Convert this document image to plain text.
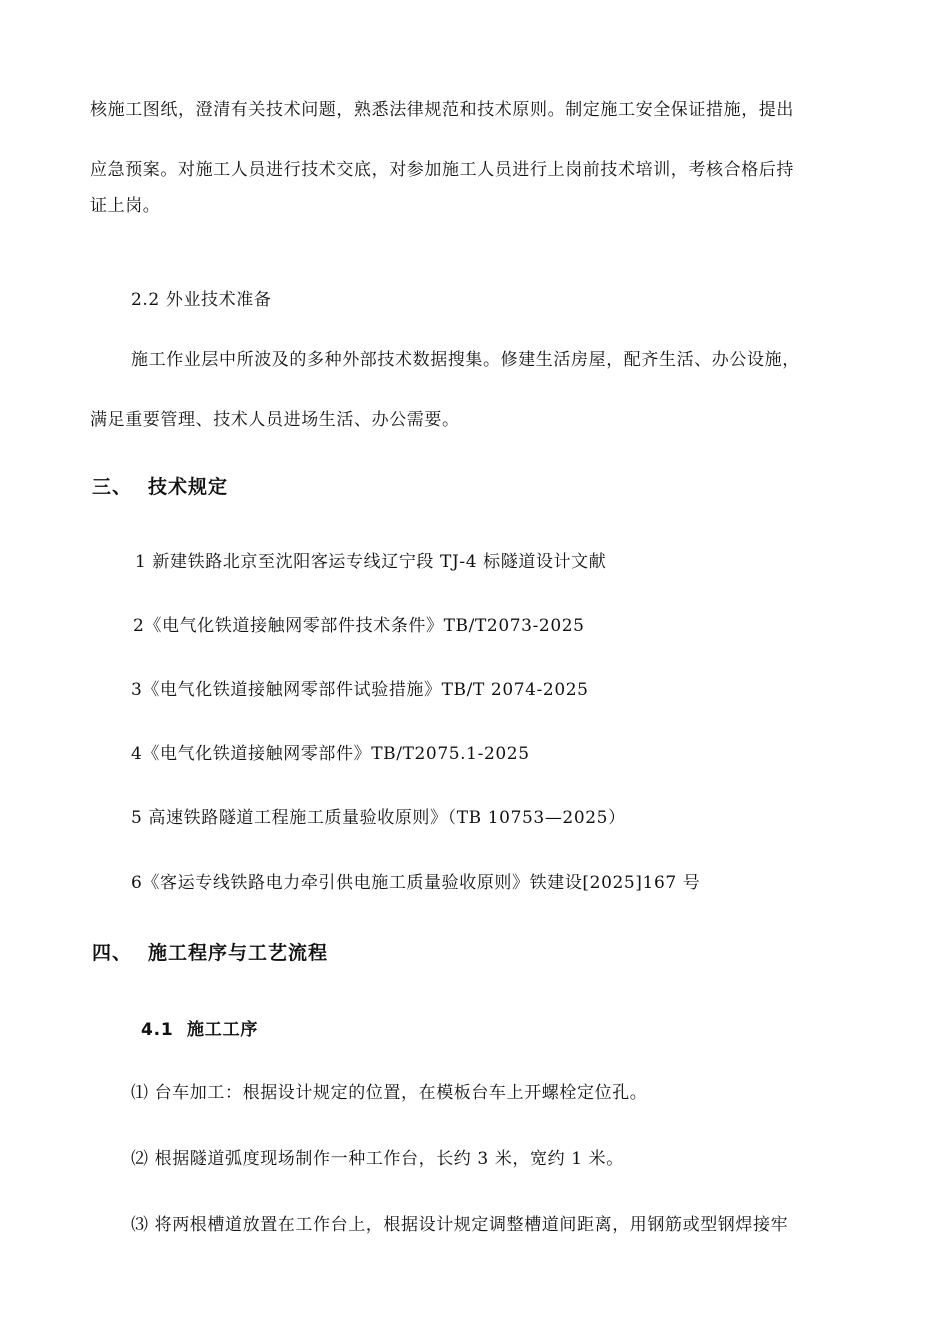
核施工图纸，澄清有关技术问题，熟悉法律规范和技术原则。制定施工安全保证措施，提出
应急预案。对施工人员进行技术交底，对参加施工人员进行上岗前技术培训，考核合格后持
证上岗。
2.2 外业技术准备
施工作业层中所波及的多种外部技术数据搜集。修建生活房屋，配齐生活、办公设施，
满足重要管理、技术人员进场生活、办公需要。
三、 技术规定
1 新建铁路北京至沈阳客运专线辽宁段 TJ-4 标隧道设计文献
2《电气化铁道接触网零部件技术条件》TB/T2073-2025
3《电气化铁道接触网零部件试验措施》TB/T 2074-2025
4《电气化铁道接触网零部件》TB/T2075.1-2025
5 高速铁路隧道工程施工质量验收原则》（TB 10753—2025）
6《客运专线铁路电力牵引供电施工质量验收原则》铁建设[2025]167 号
四、 施工程序与工艺流程
4.1 施工工序
⑴ 台车加工：根据设计规定的位置，在模板台车上开螺栓定位孔。
⑵ 根据隧道弧度现场制作一种工作台，长约 3 米，宽约 1 米。
⑶ 将两根槽道放置在工作台上，根据设计规定调整槽道间距离，用钢筋或型钢焊接牢
